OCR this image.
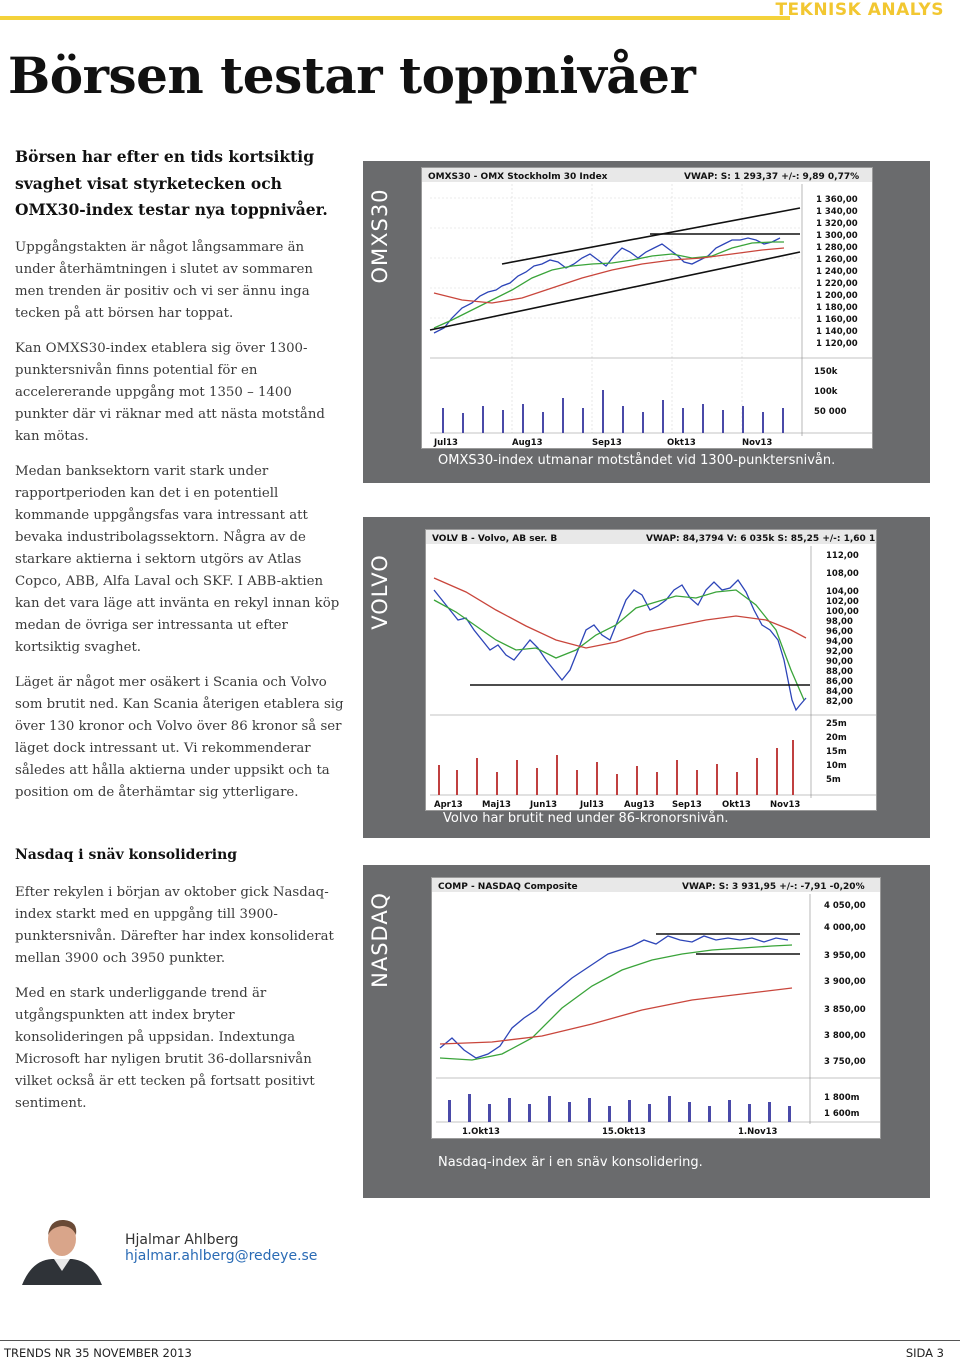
TEKNISK ANALYS
Börsen testar toppnivåer

Börsen har efter en tids kortsiktig svaghet visat styrketecken och OMX30-index testar nya toppnivåer.

Uppgångstakten är något långsammare än under återhämtningen i slutet av sommaren men trenden är positiv och vi ser ännu inga tecken på att börsen har toppat.

Kan OMXS30-index etablera sig över 1300-punktersnivån finns potential för en accelererande uppgång mot 1350 – 1400 punkter där vi räknar med att nästa motstånd kan mötas.

Medan banksektorn varit stark under rapportperioden kan det i en potentiell kommande uppgångsfas vara intressant att bevaka industribolagssektorn. Några av de starkare aktierna i sektorn utgörs av Atlas Copco, ABB, Alfa Laval och SKF. I ABB-aktien kan det vara läge att invänta en rekyl innan köp medan de övriga ser intressanta ut efter kortsiktig svaghet.

Läget är något mer osäkert i Scania och Volvo som brutit ned. Kan Scania återigen etablera sig över 130 kronor och Volvo över 86 kronor så ser läget dock intressant ut. Vi rekommenderar således att hålla aktierna under uppsikt och ta position om de återhämtar sig ytterligare.

Nasdaq i snäv konsolidering

Efter rekylen i början av oktober gick Nasdaq-index starkt med en uppgång till 3900-punktersnivån. Därefter har index konsoliderat mellan 3900 och 3950 punkter.

Med en stark underliggande trend är utgångspunkten att index bryter konsolideringen på uppsidan. Indextunga Microsoft har nyligen brutit 36-dollarsnivån vilket också är ett tecken på fortsatt positivt sentiment.

OMXS30
OMXS30 - OMX Stockholm 30 Index	VWAP: S: 1 293,37 +/-: 9,89 0,77%
1 360,00
1 340,00
1 320,00
1 300,00
1 280,00
1 260,00
1 240,00
1 220,00
1 200,00
1 180,00
1 160,00
1 140,00
1 120,00
150k
100k
50 000
Jul13	Aug13	Sep13	Okt13	Nov13
OMXS30-index utmanar motståndet vid 1300-punktersnivån.
VOLVO
VOLV B - Volvo, AB ser. B	VWAP: 84,3794 V: 6 035k S: 85,25 +/-: 1,60 1,91%
112,00
108,00
104,00
102,00
100,00
98,00
96,00
94,00
92,00
90,00
88,00
86,00
84,00
82,00
25m
20m
15m
10m
5m
Apr13 Maj13 Jun13	Jul13 Aug13 Sep13 Okt13 Nov13
Volvo har brutit ned under 86-kronorsnivån.
NASDAQ
COMP - NASDAQ Composite	VWAP: S: 3 931,95 +/-: -7,91 -0,20%
4 050,00
4 000,00
3 950,00
3 900,00
3 850,00
3 800,00
3 750,00
1 800m
1 600m
1.Okt13	15.Okt13	1.Nov13
Nasdaq-index är i en snäv konsolidering.
Hjalmar Ahlberg
hjalmar.ahlberg@redeye.se
TRENDS NR 35 NOVEMBER 2013	SIDA 3
